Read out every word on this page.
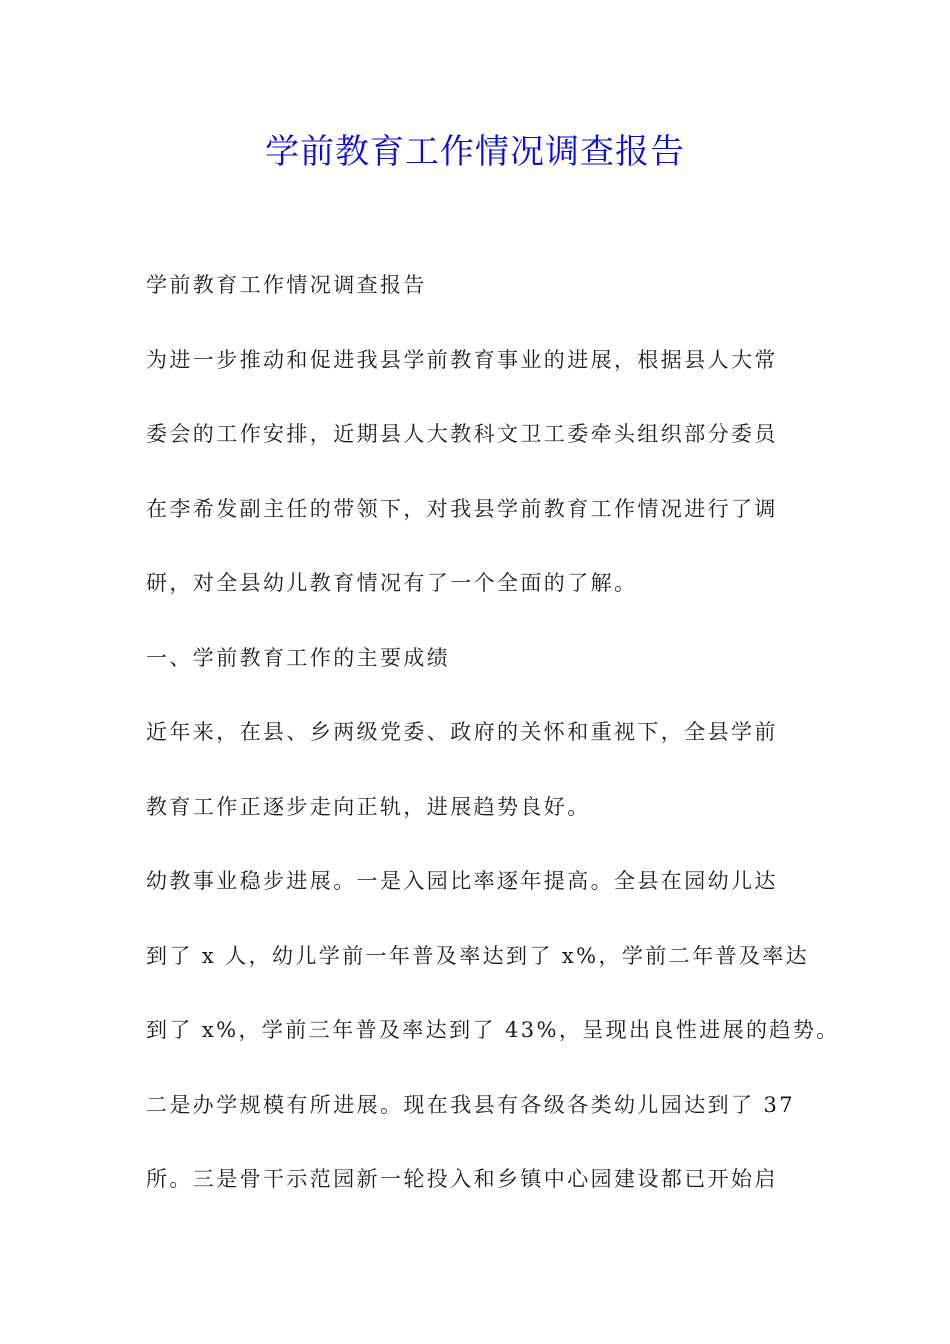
学前教育工作情况调查报告

学前教育工作情况调查报告

为进一步推动和促进我县学前教育事业的进展，根据县人大常

委会的工作安排，近期县人大教科文卫工委牵头组织部分委员

在李希发副主任的带领下，对我县学前教育工作情况进行了调

研，对全县幼儿教育情况有了一个全面的了解。

一、学前教育工作的主要成绩

近年来，在县、乡两级党委、政府的关怀和重视下，全县学前

教育工作正逐步走向正轨，进展趋势良好。

幼教事业稳步进展。一是入园比率逐年提高。全县在园幼儿达

到了 x 人，幼儿学前一年普及率达到了 x%，学前二年普及率达

到了 x%，学前三年普及率达到了 43%，呈现出良性进展的趋势。

二是办学规模有所进展。现在我县有各级各类幼儿园达到了 37

所。三是骨干示范园新一轮投入和乡镇中心园建设都已开始启
